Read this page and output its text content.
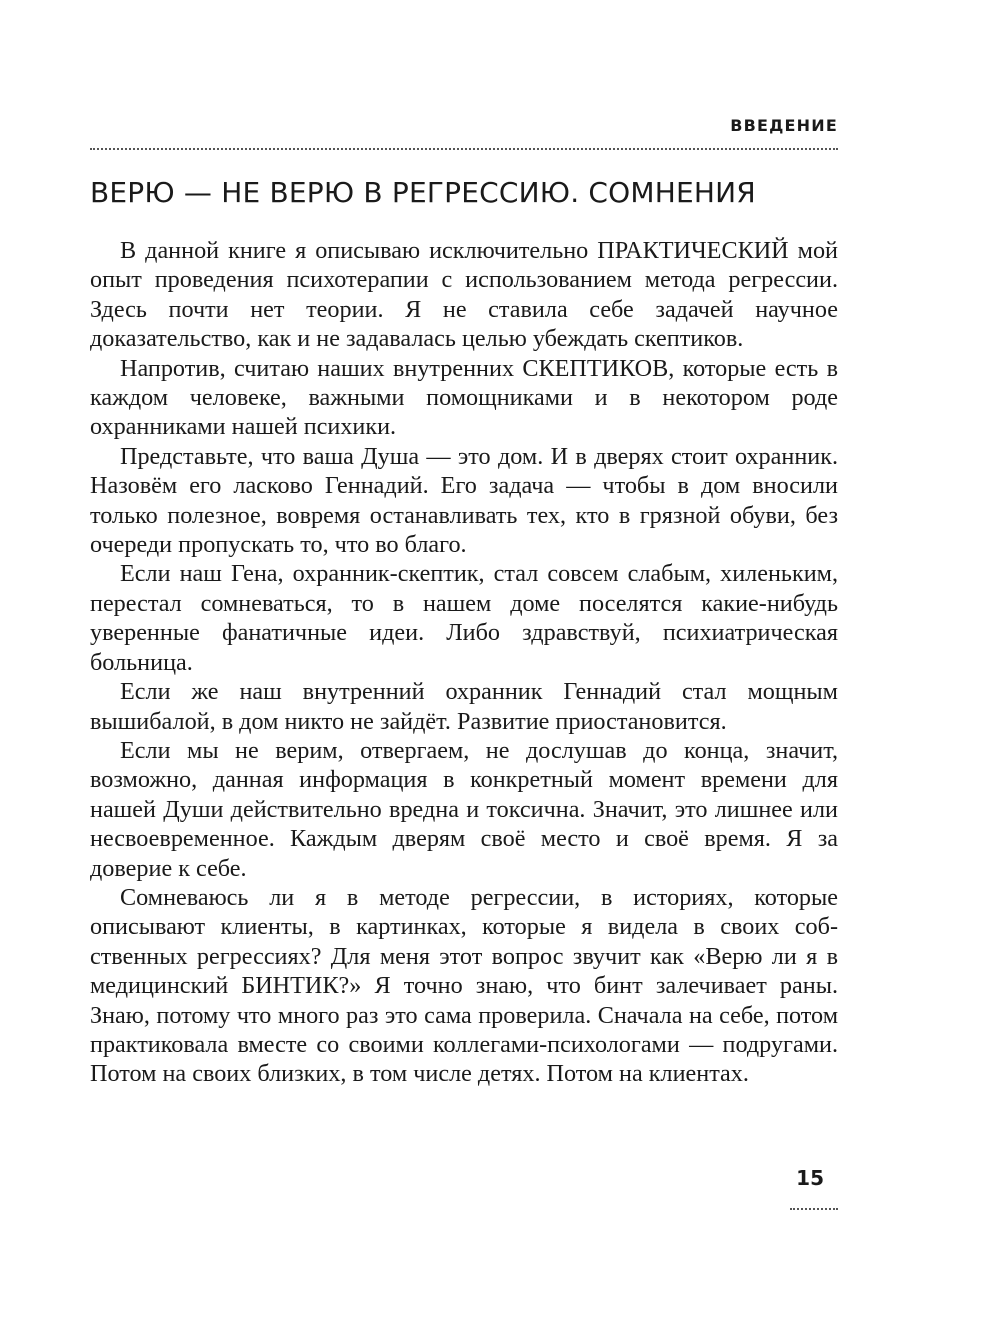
ВВЕДЕНИЕ
ВЕРЮ — НЕ ВЕРЮ В РЕГРЕССИЮ. СОМНЕНИЯ

В данной книге я описываю исключительно ПРАКТИЧЕСКИЙ мой опыт проведения психотерапии с использованием метода регрессии. Здесь почти нет теории. Я не ставила себе задачей научное доказательство, как и не задавалась целью убеждать скептиков.

Напротив, считаю наших внутренних СКЕПТИКОВ, которые есть в каждом человеке, важными помощниками и в некотором роде охранниками нашей психики.

Представьте, что ваша Душа — это дом. И в дверях стоит охранник. Назовём его ласково Геннадий. Его задача — чтобы в дом вносили только полезное, вовремя останавливать тех, кто в грязной обуви, без очереди пропускать то, что во благо.

Если наш Гена, охранник-скептик, стал совсем слабым, хиленьким, перестал сомневаться, то в нашем доме поселятся какие-нибудь уверенные фанатичные идеи. Либо здравствуй, психиатрическая больница.

Если же наш внутренний охранник Геннадий стал мощным вышибалой, в дом никто не зайдёт. Развитие приостановится.

Если мы не верим, отвергаем, не дослушав до конца, значит, возможно, данная информация в конкретный момент времени для нашей Души действительно вредна и токсична. Значит, это лишнее или несвоевременное. Каждым дверям своё место и своё время. Я за доверие к себе.

Сомневаюсь ли я в методе регрессии, в историях, которые описывают клиенты, в картинках, которые я видела в своих собственных регрессиях? Для меня этот вопрос звучит как «Верю ли я в медицинский БИНТИК?» Я точно знаю, что бинт залечивает раны. Знаю, потому что много раз это сама проверила. Сначала на себе, потом практиковала вместе со своими коллегами-психологами — подругами. Потом на своих близких, в том числе детях. Потом на клиентах.

15
